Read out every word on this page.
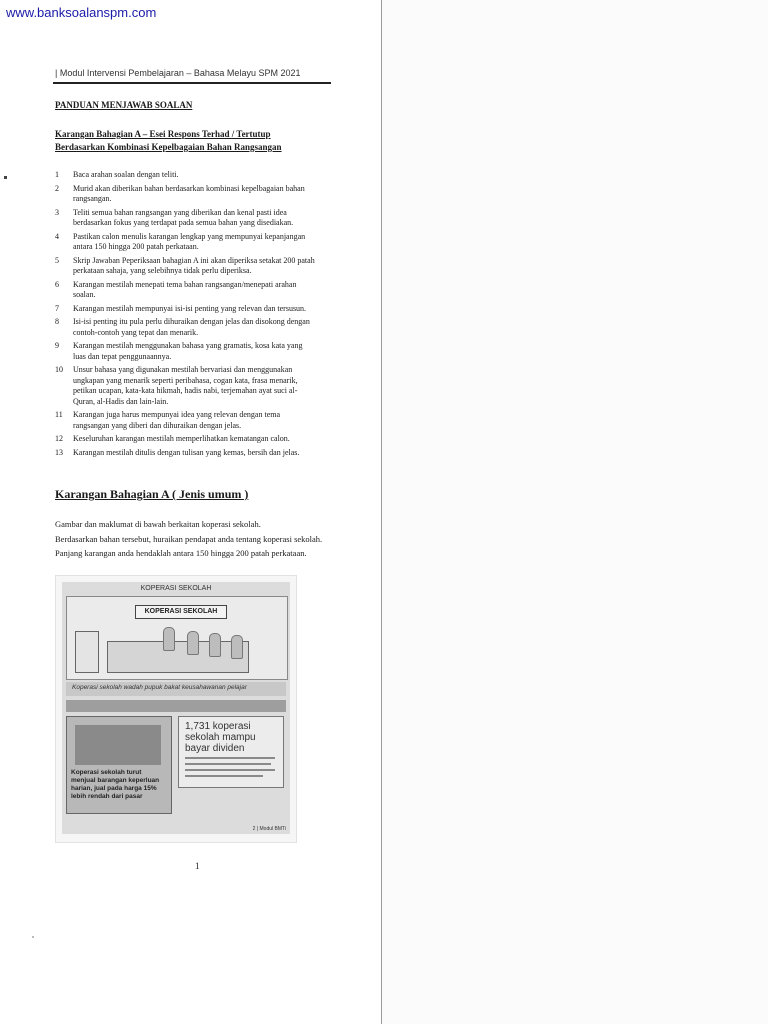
www.banksoalanspm.com
| Modul Intervensi Pembelajaran – Bahasa Melayu SPM 2021
PANDUAN MENJAWAB SOALAN
Karangan Bahagian A – Esei Respons Terhad / Tertutup
Berdasarkan Kombinasi Kepelbagaian Bahan Rangsangan
1	Baca arahan soalan dengan teliti.
2	Murid akan diberikan bahan berdasarkan kombinasi kepelbagaian bahan rangsangan.
3	Teliti semua bahan rangsangan yang diberikan dan kenal pasti idea berdasarkan fokus yang terdapat pada semua bahan yang disediakan.
4	Pastikan calon menulis karangan lengkap yang mempunyai kepanjangan antara 150 hingga 200 patah perkataan.
5	Skrip Jawaban Peperiksaan bahagian A ini akan diperiksa setakat 200 patah perkataan sahaja, yang selebihnya tidak perlu diperiksa.
6	Karangan mestilah menepati tema bahan rangsangan/menepati arahan soalan.
7	Karangan mestilah mempunyai isi-isi penting yang relevan dan tersusun.
8	Isi-isi penting itu pula perlu dihuraikan dengan jelas dan disokong dengan contoh-contoh yang tepat dan menarik.
9	Karangan mestilah menggunakan bahasa yang gramatis, kosa kata yang luas dan tepat penggunaannya.
10	Unsur bahasa yang digunakan mestilah bervariasi dan menggunakan ungkapan yang menarik seperti peribahasa, cogan kata, frasa menarik, petikan ucapan, kata-kata hikmah, hadis nabi, terjemahan ayat suci al-Quran, al-Hadis dan lain-lain.
11	Karangan juga harus mempunyai idea yang relevan dengan tema rangsangan yang diberi dan dihuraikan dengan jelas.
12	Keseluruhan karangan mestilah memperlihatkan kematangan calon.
13	Karangan mestilah ditulis dengan tulisan yang kemas, bersih dan jelas.
Karangan Bahagian A ( Jenis umum )
Gambar dan maklumat di bawah berkaitan koperasi sekolah.
Berdasarkan bahan tersebut, huraikan pendapat anda tentang koperasi sekolah.
Panjang karangan anda hendaklah antara 150 hingga 200 patah perkataan.
KOPERASI SEKOLAH
KOPERASI SEKOLAH
Koperasi sekolah wadah pupuk bakat keusahawanan pelajar
Koperasi sekolah turut menjual barangan keperluan harian, jual pada harga 15% lebih rendah dari pasar
1,731 koperasi sekolah mampu bayar dividen
2 | Modul BMTi
1
